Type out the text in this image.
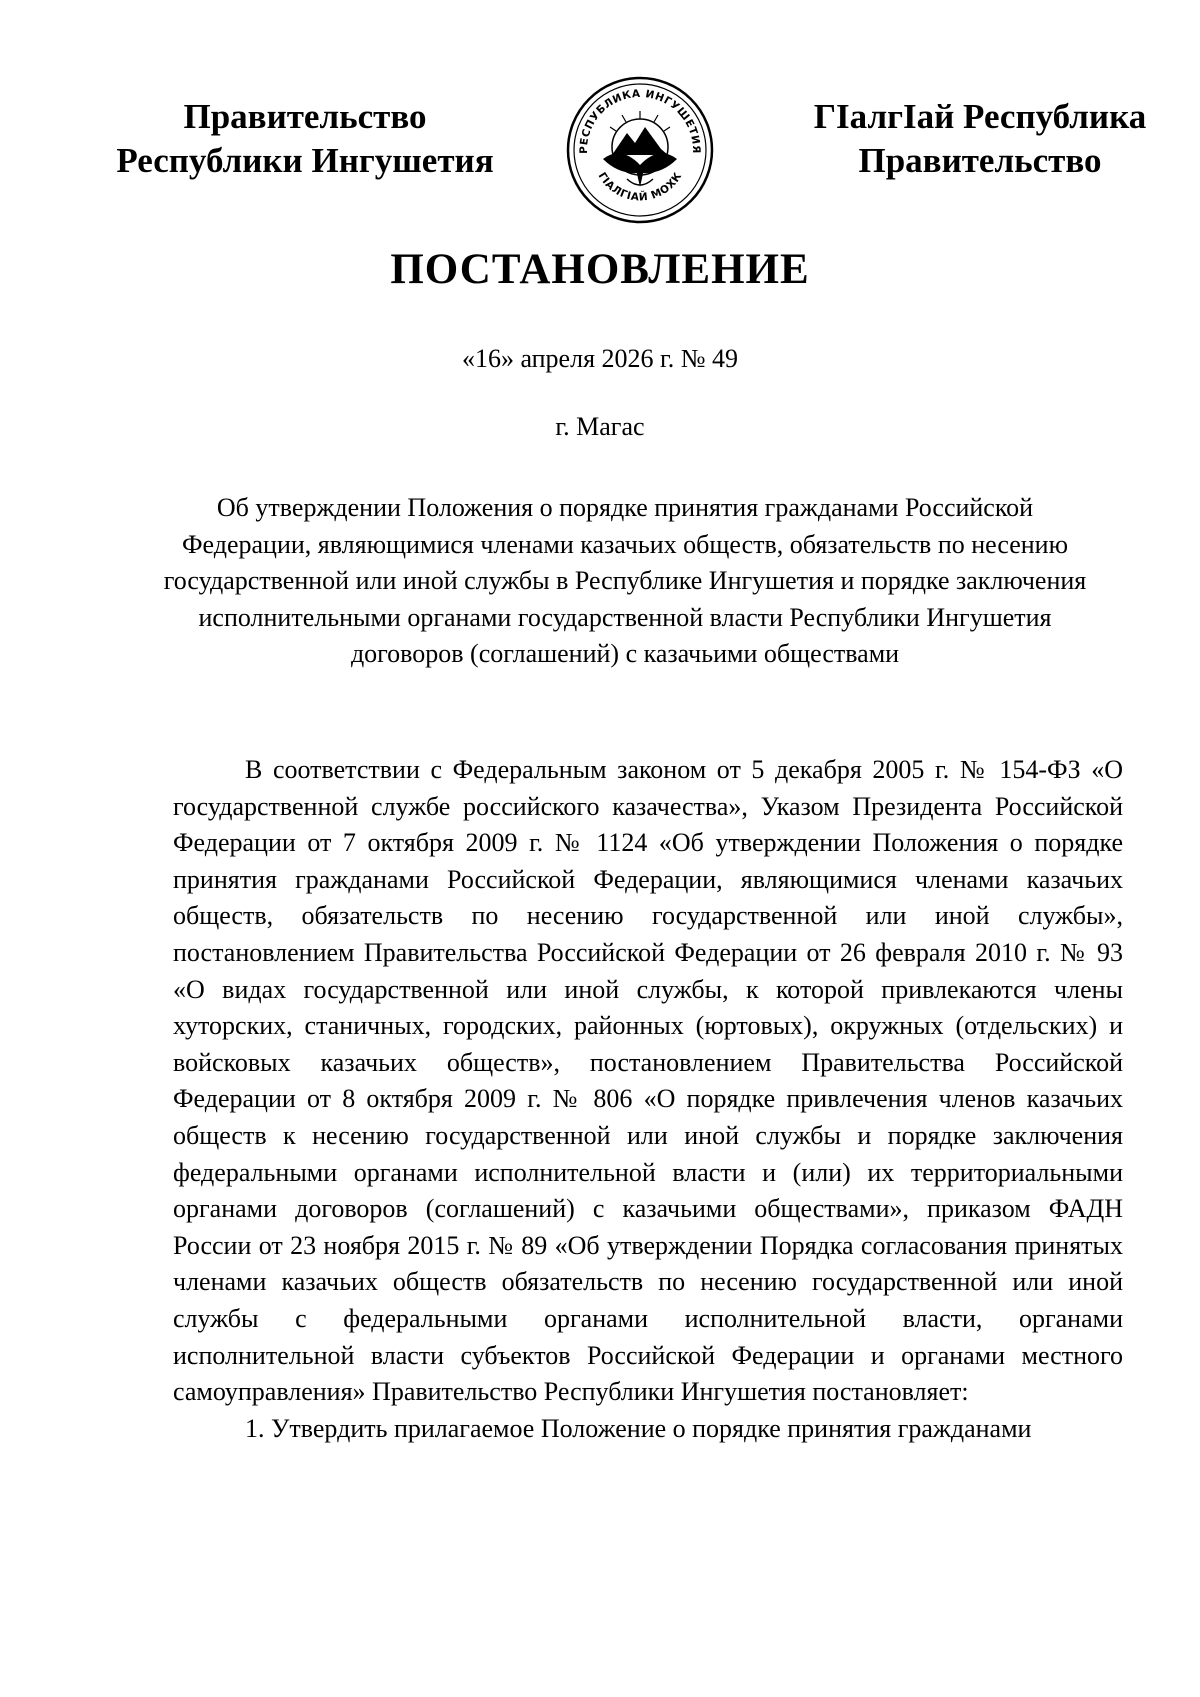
Правительство
Республики Ингушетия	РЕСПУБЛИКА ИНГУШЕТИЯ
ГIАЛГIАЙ МОХК
ГIалгIай Республика
Правительство
ПОСТАНОВЛЕНИЕ
«16» апреля 2026 г. № 49
г. Магас
Об утверждении Положения о порядке принятия гражданами Российской Федерации, являющимися членами казачьих обществ, обязательств по несению государственной или иной службы в Республике Ингушетия и порядке заключения исполнительными органами государственной власти Республики Ингушетия договоров (соглашений) с казачьими обществами

В соответствии с Федеральным законом от 5 декабря 2005 г. № 154-ФЗ «О государственной службе российского казачества», Указом Президента Российской Федерации от 7 октября 2009 г. № 1124 «Об утверждении Положения о порядке принятия гражданами Российской Федерации, являющимися членами казачьих обществ, обязательств по несению государственной или иной службы», постановлением Правительства Российской Федерации от 26 февраля 2010 г. № 93 «О видах государственной или иной службы, к которой привлекаются члены хуторских, станичных, городских, районных (юртовых), окружных (отдельских) и войсковых казачьих обществ», постановлением Правительства Российской Федерации от 8 октября 2009 г. № 806 «О порядке привлечения членов казачьих обществ к несению государственной или иной службы и порядке заключения федеральными органами исполнительной власти и (или) их территориальными органами договоров (соглашений) с казачьими обществами», приказом ФАДН России от 23 ноября 2015 г. № 89 «Об утверждении Порядка согласования принятых членами казачьих обществ обязательств по несению государственной или иной службы с федеральными органами исполнительной власти, органами исполнительной власти субъектов Российской Федерации и органами местного самоуправления» Правительство Республики Ингушетия постановляет:

1. Утвердить прилагаемое Положение о порядке принятия гражданами
